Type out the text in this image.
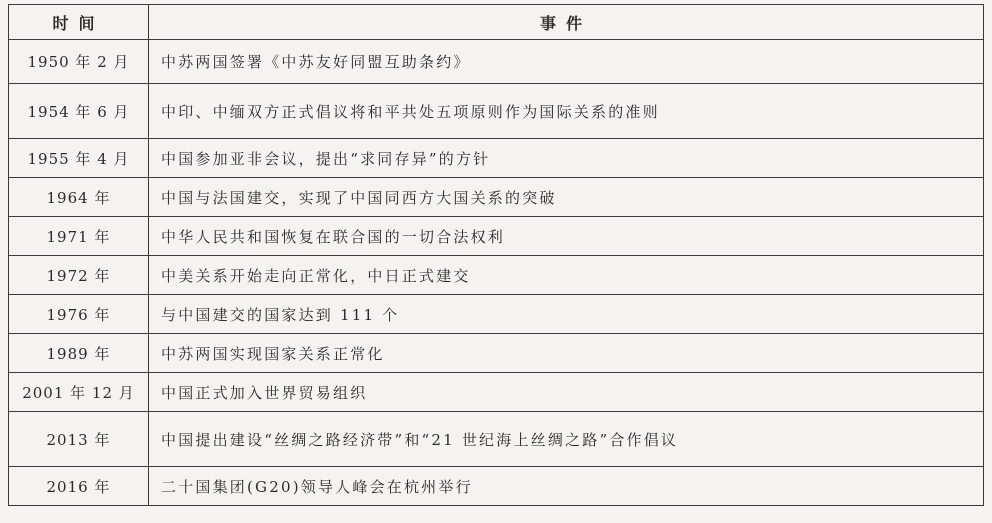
时间	事件
1950 年 2 月	中苏两国签署《中苏友好同盟互助条约》
1954 年 6 月	中印、中缅双方正式倡议将和平共处五项原则作为国际关系的准则
1955 年 4 月	中国参加亚非会议，提出“求同存异”的方针
1964 年	中国与法国建交，实现了中国同西方大国关系的突破
1971 年	中华人民共和国恢复在联合国的一切合法权利
1972 年	中美关系开始走向正常化，中日正式建交
1976 年	与中国建交的国家达到 111 个
1989 年	中苏两国实现国家关系正常化
2001 年 12 月	中国正式加入世界贸易组织
2013 年	中国提出建设“丝绸之路经济带”和“21 世纪海上丝绸之路”合作倡议
2016 年	二十国集团(G20)领导人峰会在杭州举行
